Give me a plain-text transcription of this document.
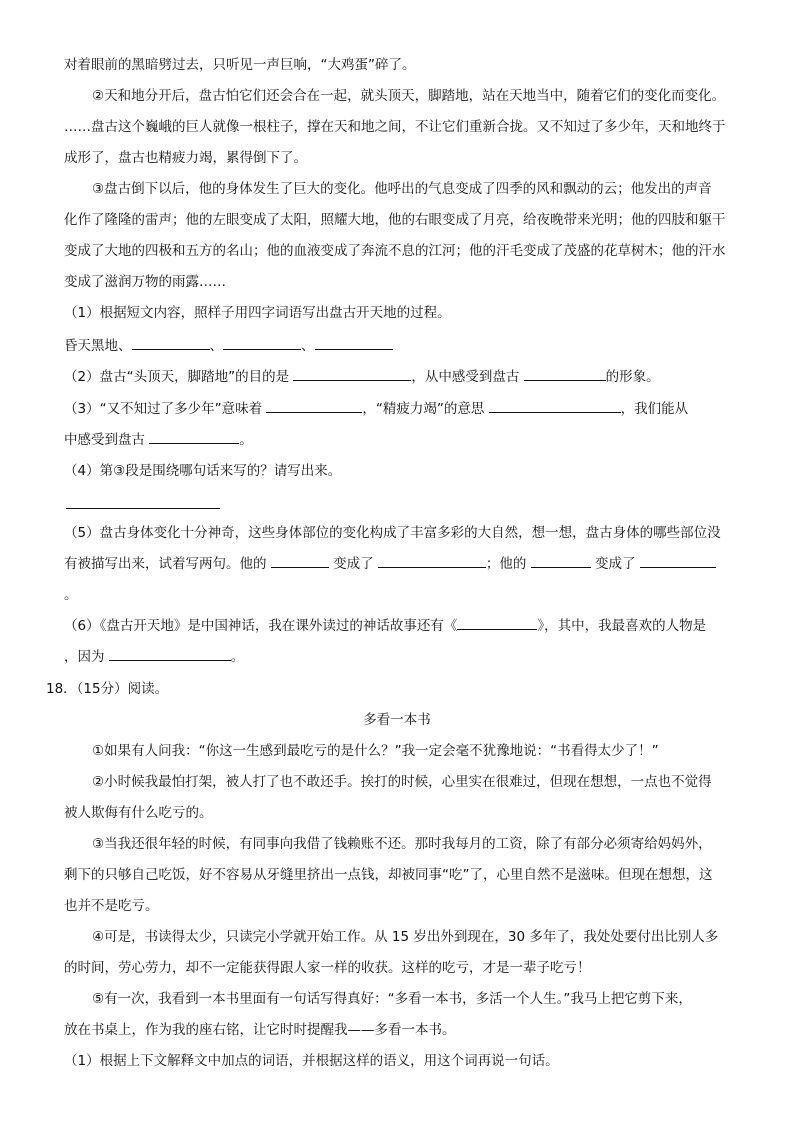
对着眼前的黑暗劈过去，只听见一声巨响，“大鸡蛋”碎了。
②天和地分开后，盘古怕它们还会合在一起，就头顶天，脚踏地，站在天地当中，随着它们的变化而变化。
……盘古这个巍峨的巨人就像一根柱子，撑在天和地之间，不让它们重新合拢。又不知过了多少年，天和地终于
成形了，盘古也精疲力竭，累得倒下了。
③盘古倒下以后，他的身体发生了巨大的变化。他呼出的气息变成了四季的风和飘动的云；他发出的声音
化作了隆隆的雷声；他的左眼变成了太阳，照耀大地，他的右眼变成了月亮，给夜晚带来光明；他的四肢和躯干
变成了大地的四极和五方的名山；他的血液变成了奔流不息的江河；他的汗毛变成了茂盛的花草树木；他的汗水
变成了滋润万物的雨露……
（1）根据短文内容，照样子用四字词语写出盘古开天地的过程。
昏天黑地、	、	、
（2）盘古“头顶天，脚踏地”的目的是	，从中感受到盘古	的形象。
（3）“又不知过了多少年”意味着	，“精疲力竭”的意思	，我们能从
中感受到盘古	。
（4）第③段是围绕哪句话来写的？请写出来。
（5）盘古身体变化十分神奇，这些身体部位的变化构成了丰富多彩的大自然，想一想，盘古身体的哪些部位没
有被描写出来，试着写两句。他的	变成了	；他的	变成了
。
（6）《盘古开天地》是中国神话，我在课外读过的神话故事还有《	》，其中，我最喜欢的人物是
，因为	。
18．（15分）阅读。
多看一本书
①如果有人问我：“你这一生感到最吃亏的是什么？”我一定会毫不犹豫地说：“书看得太少了！”
②小时候我最怕打架，被人打了也不敢还手。挨打的时候，心里实在很难过，但现在想想，一点也不觉得
被人欺侮有什么吃亏的。
③当我还很年轻的时候，有同事向我借了钱赖账不还。那时我每月的工资，除了有部分必须寄给妈妈外，
剩下的只够自己吃饭，好不容易从牙缝里挤出一点钱，却被同事“吃”了，心里自然不是滋味。但现在想想，这
也并不是吃亏。
④可是，书读得太少，只读完小学就开始工作。从 15 岁出外到现在，30 多年了，我处处要付出比别人多
的时间，劳心劳力，却不一定能获得跟人家一样的收获。这样的吃亏，才是一辈子吃亏！
⑤有一次，我看到一本书里面有一句话写得真好：“多看一本书，多活一个人生。”我马上把它剪下来，
放在书桌上，作为我的座右铭，让它时时提醒我——多看一本书。
（1）根据上下文解释文中加点的词语，并根据这样的语义，用这个词再说一句话。
